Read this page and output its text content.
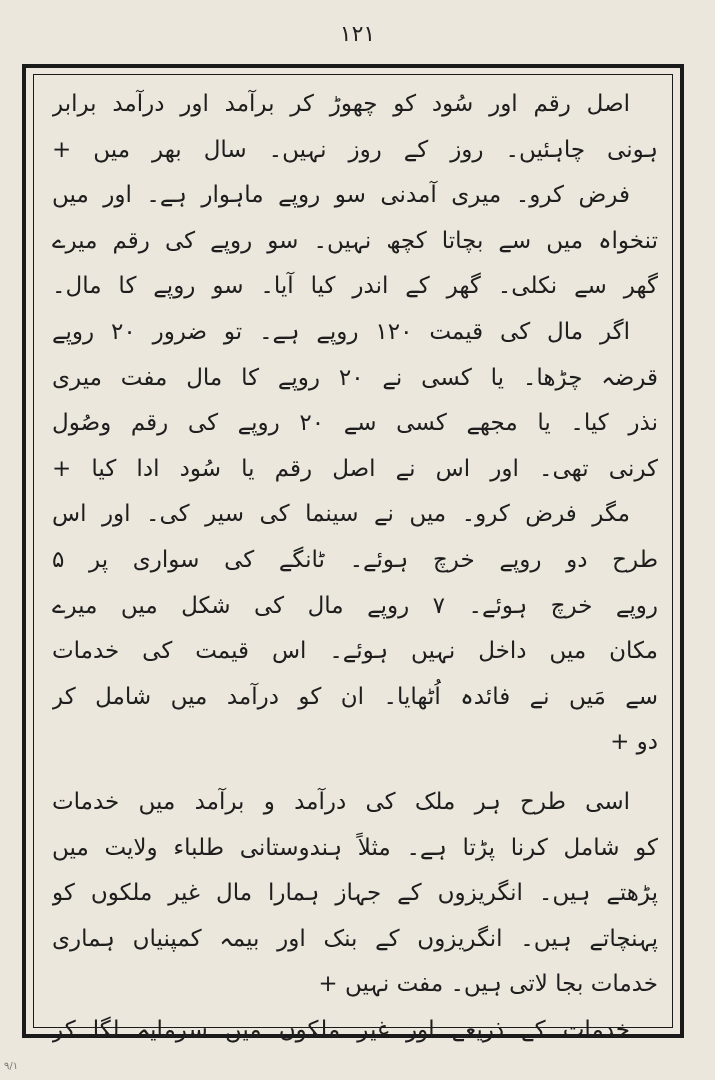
۱۲۱
اصل رقم اور سُود کو چھوڑ کر برآمد اور درآمد برابر
ہونی چاہئیں۔ روز کے روز نہیں۔ سال بھر میں +
فرض کرو۔ میری آمدنی سو روپے ماہوار ہے۔ اور میں
تنخواہ میں سے بچاتا کچھ نہیں۔ سو روپے کی رقم میرے
گھر سے نکلی۔ گھر کے اندر کیا آیا۔ سو روپے کا مال۔
اگر مال کی قیمت ۱۲۰ روپے ہے۔ تو ضرور ۲۰ روپے
قرضہ چڑھا۔ یا کسی نے ۲۰ روپے کا مال مفت میری
نذر کیا۔ یا مجھے کسی سے ۲۰ روپے کی رقم وصُول
کرنی تھی۔ اور اس نے اصل رقم یا سُود ادا کیا +
مگر فرض کرو۔ میں نے سینما کی سیر کی۔ اور اس
طرح دو روپے خرچ ہوئے۔ ٹانگے کی سواری پر ۵
روپے خرچ ہوئے۔ ۷ روپے مال کی شکل میں میرے
مکان میں داخل نہیں ہوئے۔ اس قیمت کی خدمات
سے مَیں نے فائدہ اُٹھایا۔ ان کو درآمد میں شامل کر
دو +
اسی طرح ہر ملک کی درآمد و برآمد میں خدمات
کو شامل کرنا پڑتا ہے۔ مثلاً ہندوستانی طلباء ولایت میں
پڑھتے ہیں۔ انگریزوں کے جہاز ہمارا مال غیر ملکوں کو
پہنچاتے ہیں۔ انگریزوں کے بنک اور بیمہ کمپنیاں ہماری
خدمات بجا لاتی ہیں۔ مفت نہیں +
خدمات کے ذریعے اور غیر ملکوں میں سرمایہ لگا کر
۹/۱
